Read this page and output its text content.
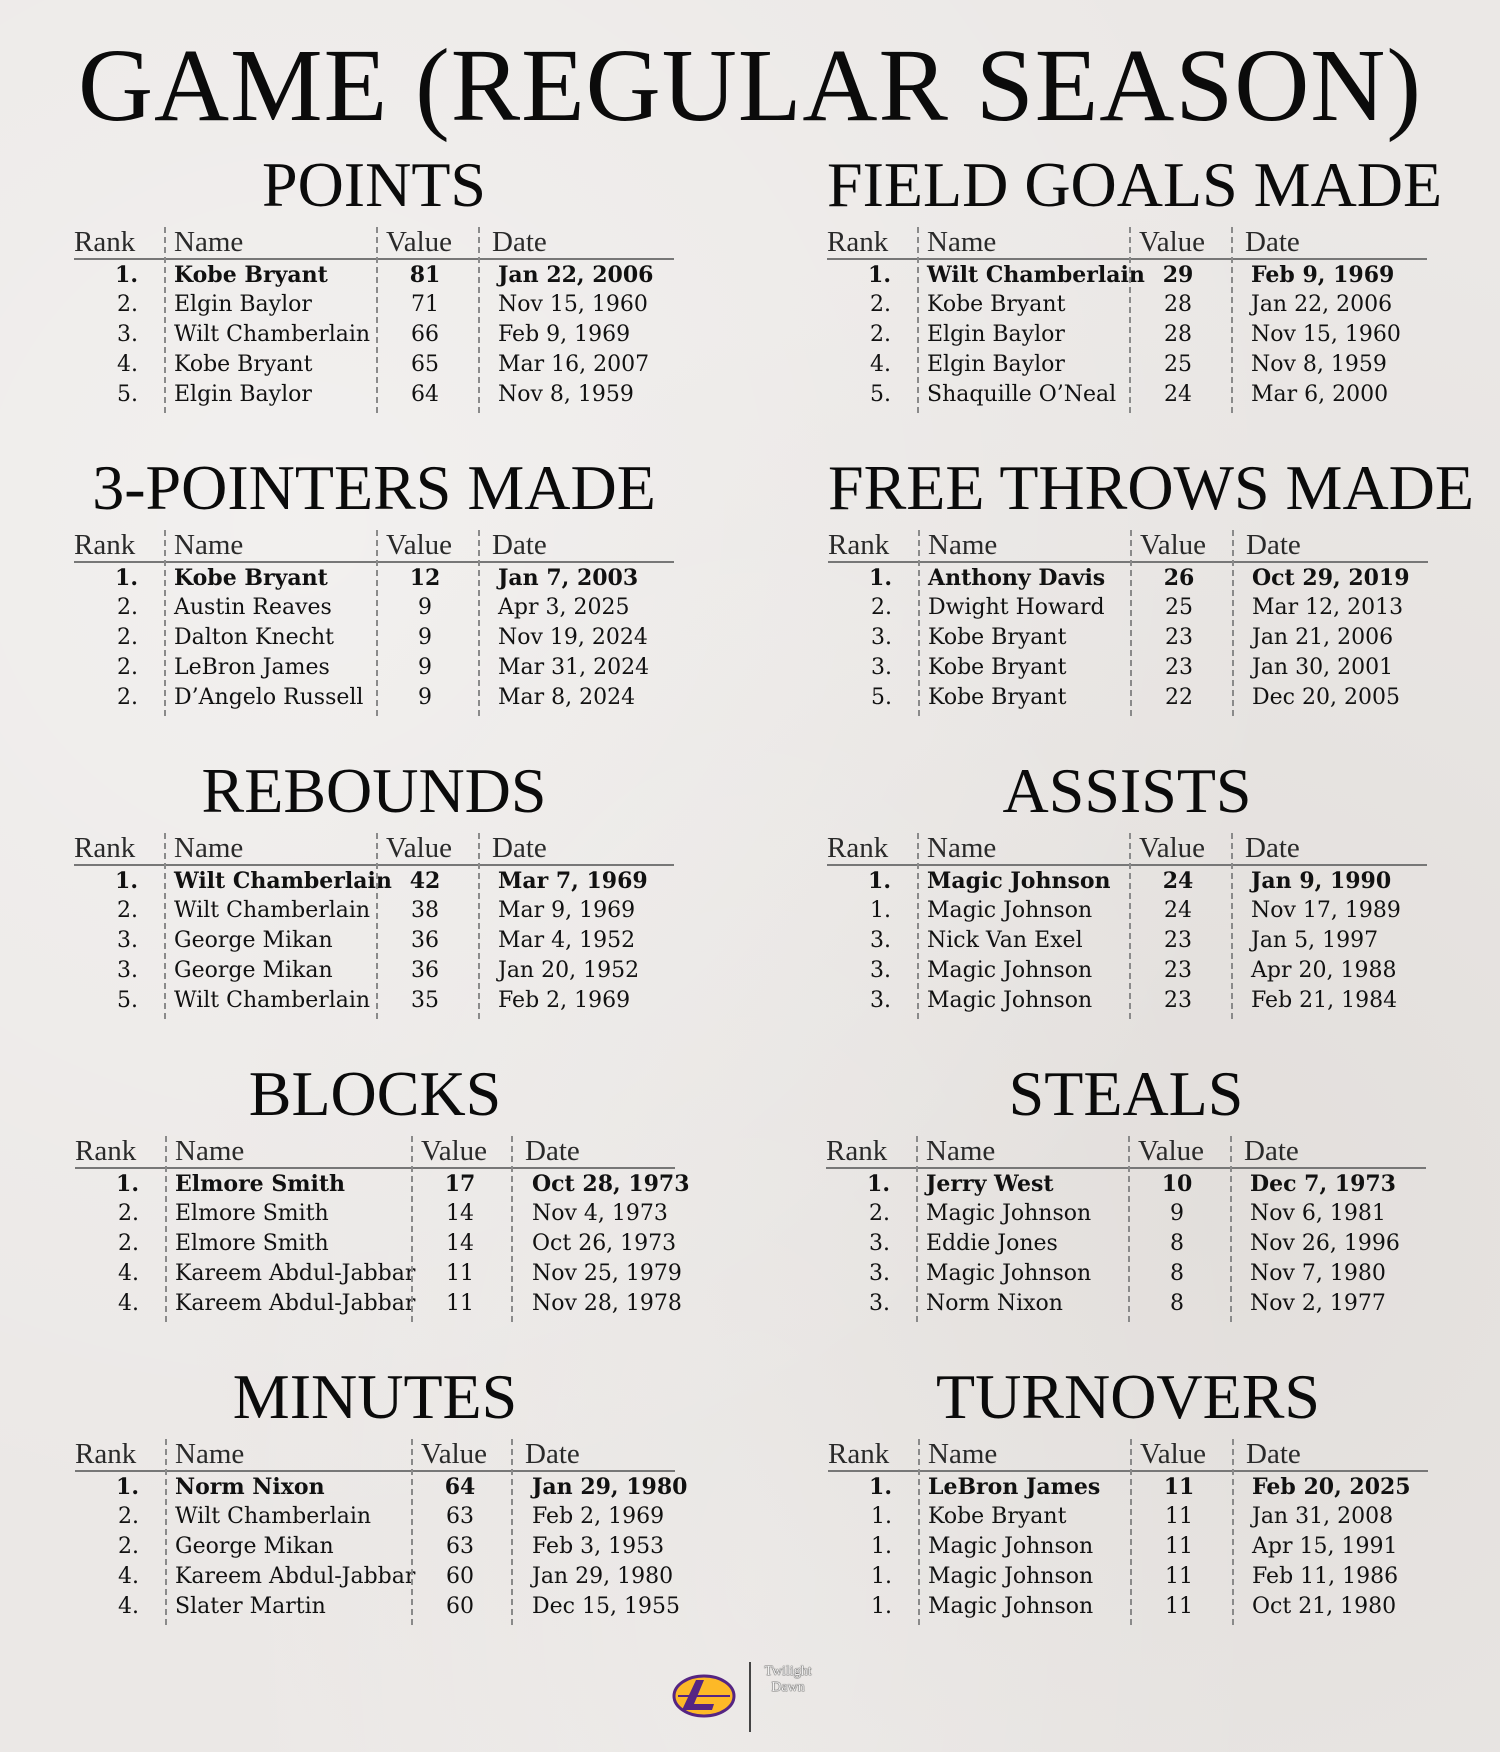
GAME (REGULAR SEASON)
POINTS
Rank Name	Value Date
1. Kobe Bryant	81	Jan 22, 2006
2. Elgin Baylor	71	Nov 15, 1960
3. Wilt Chamberlain	66	Feb 9, 1969
4. Kobe Bryant	65	Mar 16, 2007
5. Elgin Baylor	64	Nov 8, 1959
FIELD GOALS MADE
Rank Name	Value Date
1. Wilt Chamberlain 29	Feb 9, 1969
2. Kobe Bryant	28	Jan 22, 2006
2. Elgin Baylor	28	Nov 15, 1960
4. Elgin Baylor	25	Nov 8, 1959
5. Shaquille O’Neal	24	Mar 6, 2000
3-POINTERS MADE
Rank Name	Value Date
1. Kobe Bryant	12	Jan 7, 2003
2. Austin Reaves	9	Apr 3, 2025
2. Dalton Knecht	9	Nov 19, 2024
2. LeBron James	9	Mar 31, 2024
2. D’Angelo Russell	9	Mar 8, 2024
FREE THROWS MADE
Rank Name	Value Date
1. Anthony Davis	26	Oct 29, 2019
2. Dwight Howard	25	Mar 12, 2013
3. Kobe Bryant	23	Jan 21, 2006
3. Kobe Bryant	23	Jan 30, 2001
5. Kobe Bryant	22	Dec 20, 2005
REBOUNDS
Rank Name	Value Date
1. Wilt Chamberlain 42	Mar 7, 1969
2. Wilt Chamberlain	38	Mar 9, 1969
3. George Mikan	36	Mar 4, 1952
3. George Mikan	36	Jan 20, 1952
5. Wilt Chamberlain	35	Feb 2, 1969
ASSISTS
Rank Name	Value Date
1. Magic Johnson	24	Jan 9, 1990
1. Magic Johnson	24	Nov 17, 1989
3. Nick Van Exel	23	Jan 5, 1997
3. Magic Johnson	23	Apr 20, 1988
3. Magic Johnson	23	Feb 21, 1984
BLOCKS
Rank Name	Value Date
1. Elmore Smith	17	Oct 28, 1973
2. Elmore Smith	14	Nov 4, 1973
2. Elmore Smith	14	Oct 26, 1973
4. Kareem Abdul-Jabbar	11	Nov 25, 1979
4. Kareem Abdul-Jabbar	11	Nov 28, 1978
STEALS
Rank Name	Value Date
1. Jerry West	10	Dec 7, 1973
2. Magic Johnson	9	Nov 6, 1981
3. Eddie Jones	8	Nov 26, 1996
3. Magic Johnson	8	Nov 7, 1980
3. Norm Nixon	8	Nov 2, 1977
MINUTES
Rank Name	Value Date
1. Norm Nixon	64	Jan 29, 1980
2. Wilt Chamberlain	63	Feb 2, 1969
2. George Mikan	63	Feb 3, 1953
4. Kareem Abdul-Jabbar	60	Jan 29, 1980
4. Slater Martin	60	Dec 15, 1955
TURNOVERS
Rank Name	Value Date
1. LeBron James	11	Feb 20, 2025
1. Kobe Bryant	11	Jan 31, 2008
1. Magic Johnson	11	Apr 15, 1991
1. Magic Johnson	11	Feb 11, 1986
1. Magic Johnson	11	Oct 21, 1980
Twilight Dawn
